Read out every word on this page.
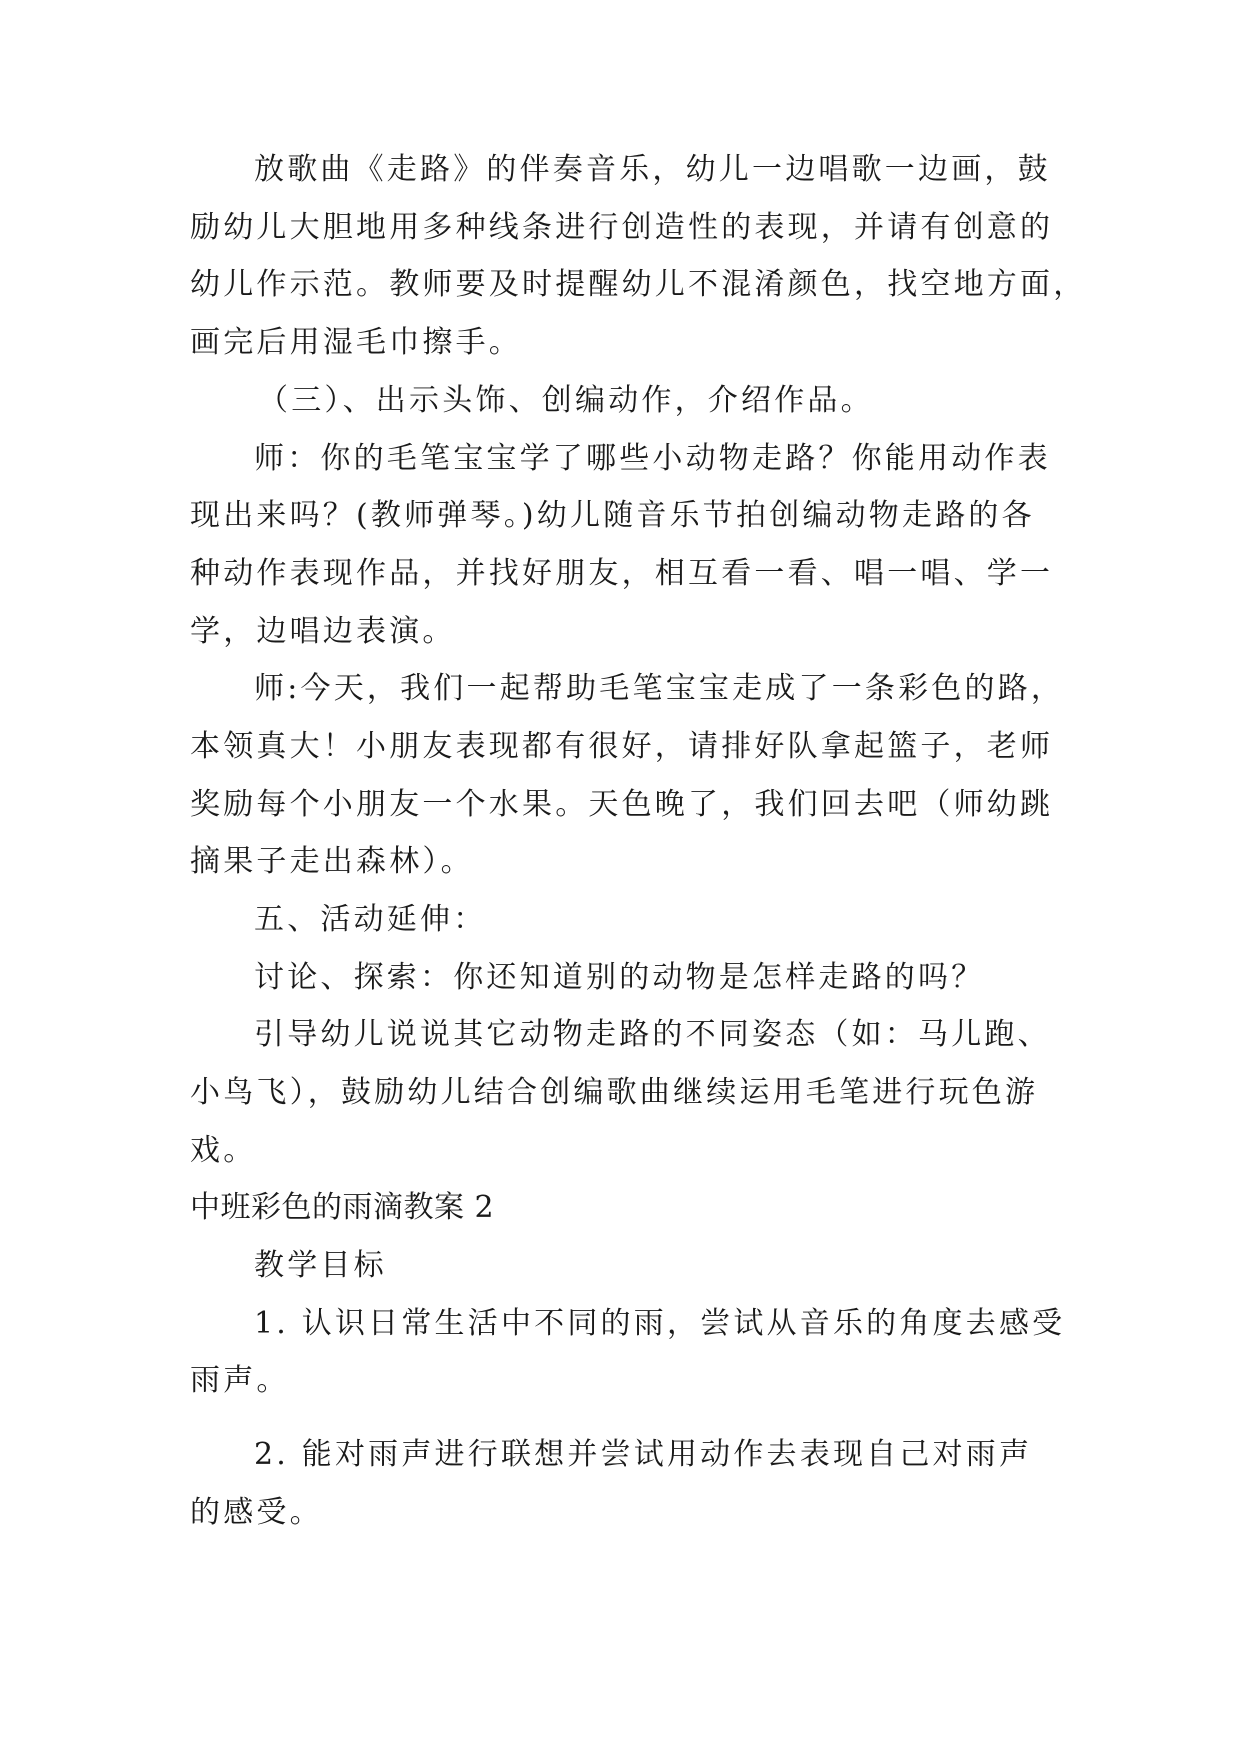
放歌曲《走路》的伴奏音乐，幼儿一边唱歌一边画，鼓
励幼儿大胆地用多种线条进行创造性的表现，并请有创意的
幼儿作示范。教师要及时提醒幼儿不混淆颜色，找空地方面，
画完后用湿毛巾擦手。
（三）、出示头饰、创编动作，介绍作品。
师：你的毛笔宝宝学了哪些小动物走路？你能用动作表
现出来吗？(教师弹琴。)幼儿随音乐节拍创编动物走路的各
种动作表现作品，并找好朋友，相互看一看、唱一唱、学一
学，边唱边表演。
师:今天，我们一起帮助毛笔宝宝走成了一条彩色的路，
本领真大！小朋友表现都有很好，请排好队拿起篮子，老师
奖励每个小朋友一个水果。天色晚了，我们回去吧（师幼跳
摘果子走出森林）。
五、活动延伸：
讨论、探索：你还知道别的动物是怎样走路的吗？
引导幼儿说说其它动物走路的不同姿态（如：马儿跑、
小鸟飞），鼓励幼儿结合创编歌曲继续运用毛笔进行玩色游
戏。
中班彩色的雨滴教案 2
教学目标
1. 认识日常生活中不同的雨，尝试从音乐的角度去感受
雨声。
2. 能对雨声进行联想并尝试用动作去表现自己对雨声
的感受。
